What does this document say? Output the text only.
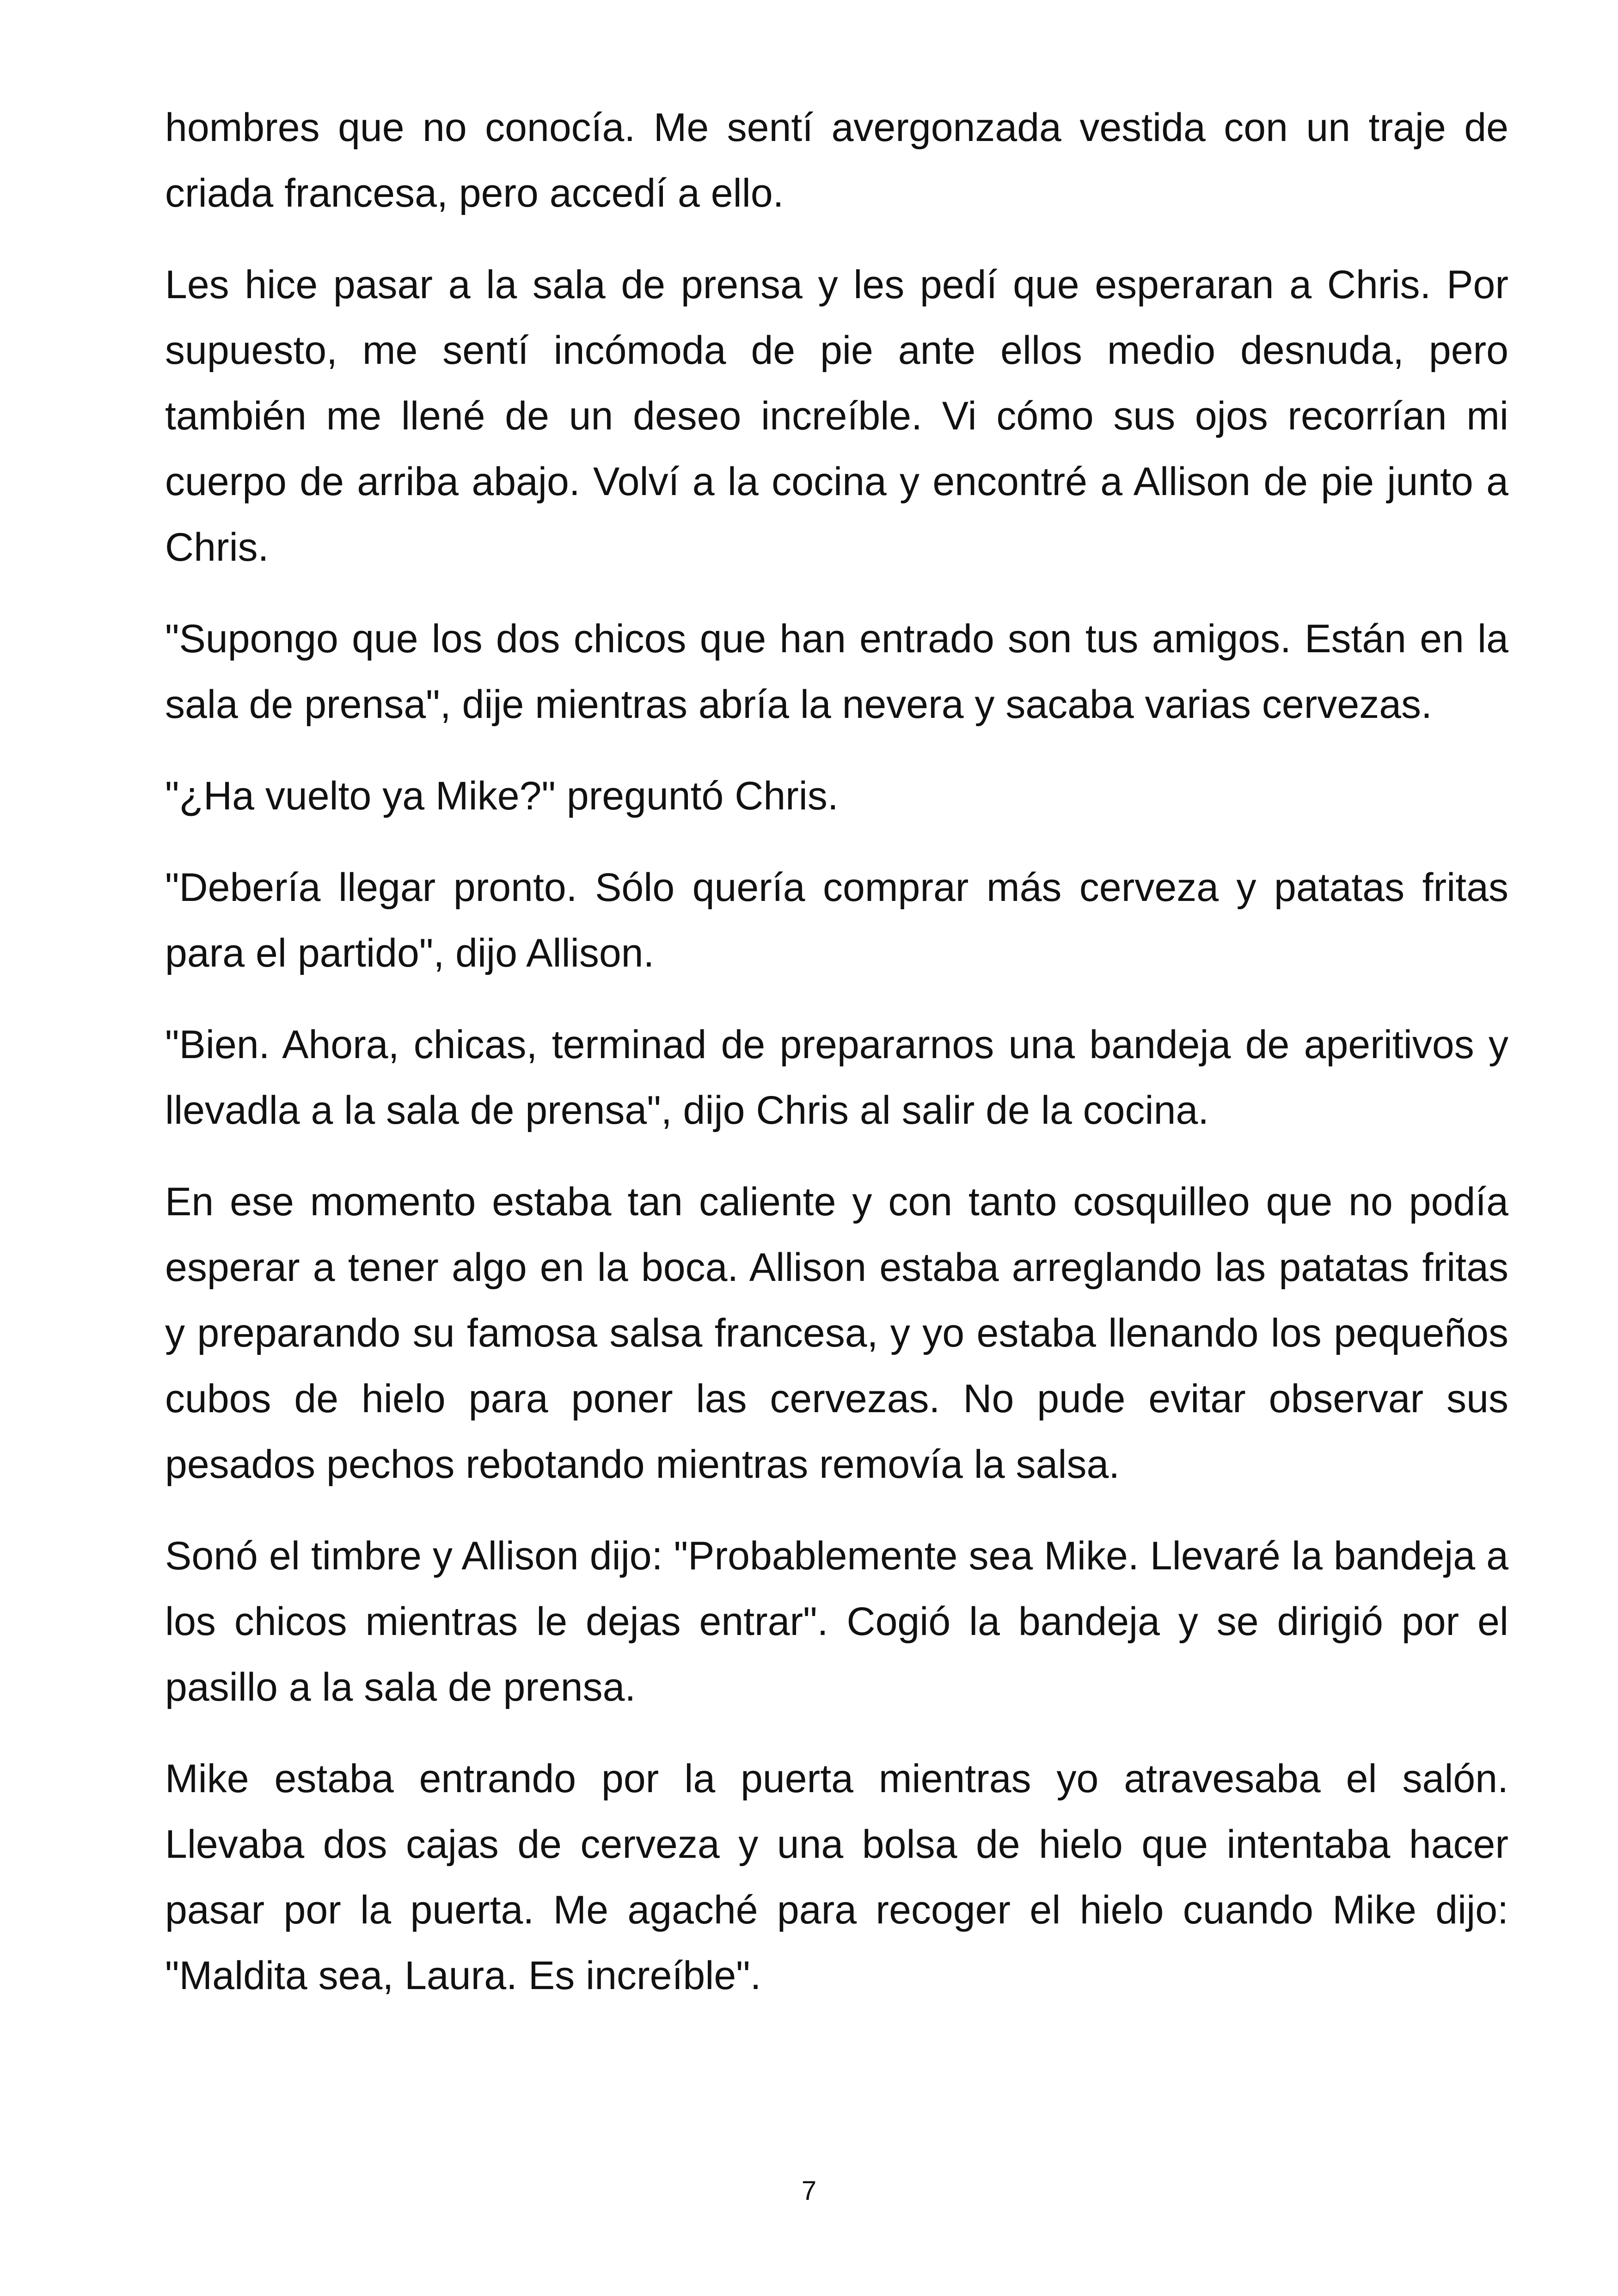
hombres que no conocía. Me sentí avergonzada vestida con un traje de criada francesa, pero accedí a ello.

Les hice pasar a la sala de prensa y les pedí que esperaran a Chris. Por supuesto, me sentí incómoda de pie ante ellos medio desnuda, pero también me llené de un deseo increíble. Vi cómo sus ojos recorrían mi cuerpo de arriba abajo. Volví a la cocina y encontré a Allison de pie junto a Chris.

"Supongo que los dos chicos que han entrado son tus amigos. Están en la sala de prensa", dije mientras abría la nevera y sacaba varias cervezas.

"¿Ha vuelto ya Mike?" preguntó Chris.

"Debería llegar pronto. Sólo quería comprar más cerveza y patatas fritas para el partido", dijo Allison.

"Bien. Ahora, chicas, terminad de prepararnos una bandeja de aperitivos y llevadla a la sala de prensa", dijo Chris al salir de la cocina.

En ese momento estaba tan caliente y con tanto cosquilleo que no podía esperar a tener algo en la boca. Allison estaba arreglando las patatas fritas y preparando su famosa salsa francesa, y yo estaba llenando los pequeños cubos de hielo para poner las cervezas. No pude evitar observar sus pesados pechos rebotando mientras removía la salsa.

Sonó el timbre y Allison dijo: "Probablemente sea Mike. Llevaré la bandeja a los chicos mientras le dejas entrar". Cogió la bandeja y se dirigió por el pasillo a la sala de prensa.

Mike estaba entrando por la puerta mientras yo atravesaba el salón. Llevaba dos cajas de cerveza y una bolsa de hielo que intentaba hacer pasar por la puerta. Me agaché para recoger el hielo cuando Mike dijo: "Maldita sea, Laura. Es increíble".

7
